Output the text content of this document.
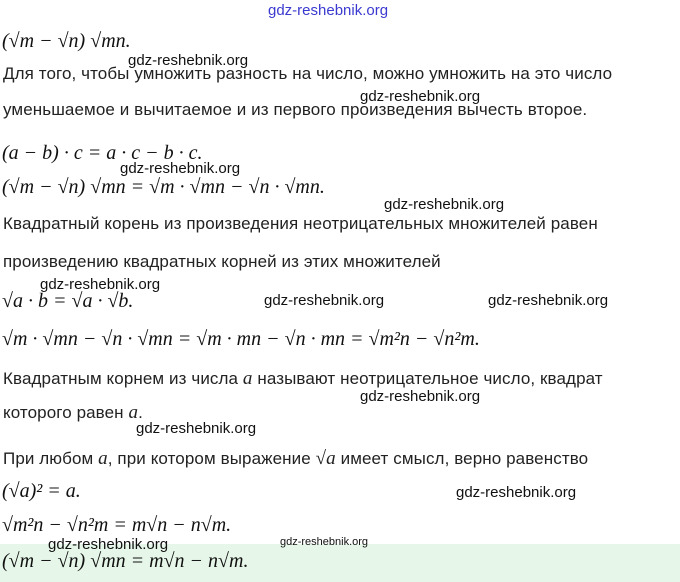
gdz-reshebnik.org
gdz-reshebnik.org
gdz-reshebnik.org
gdz-reshebnik.org
gdz-reshebnik.org
gdz-reshebnik.org
gdz-reshebnik.org	gdz-reshebnik.org
gdz-reshebnik.org
gdz-reshebnik.org
gdz-reshebnik.org
gdz-reshebnik.org	gdz-reshebnik.org
(√m − √n) √mn.
Для того, чтобы умножить разность на число, можно умножить на это число
уменьшаемое и вычитаемое и из первого произведения вычесть второе.
(a − b) · c = a · c − b · c.
(√m − √n) √mn = √m · √mn − √n · √mn.
Квадратный корень из произведения неотрицательных множителей равен
произведению квадратных корней из этих множителей
√a · b = √a · √b.
√m · √mn − √n · √mn = √m · mn − √n · mn = √m²n − √n²m.
Квадратным корнем из числа a называют неотрицательное число, квадрат
которого равен a.
При любом a, при котором выражение √a имеет смысл, верно равенство
(√a)² = a.
√m²n − √n²m = m√n − n√m.
(√m − √n) √mn = m√n − n√m.
